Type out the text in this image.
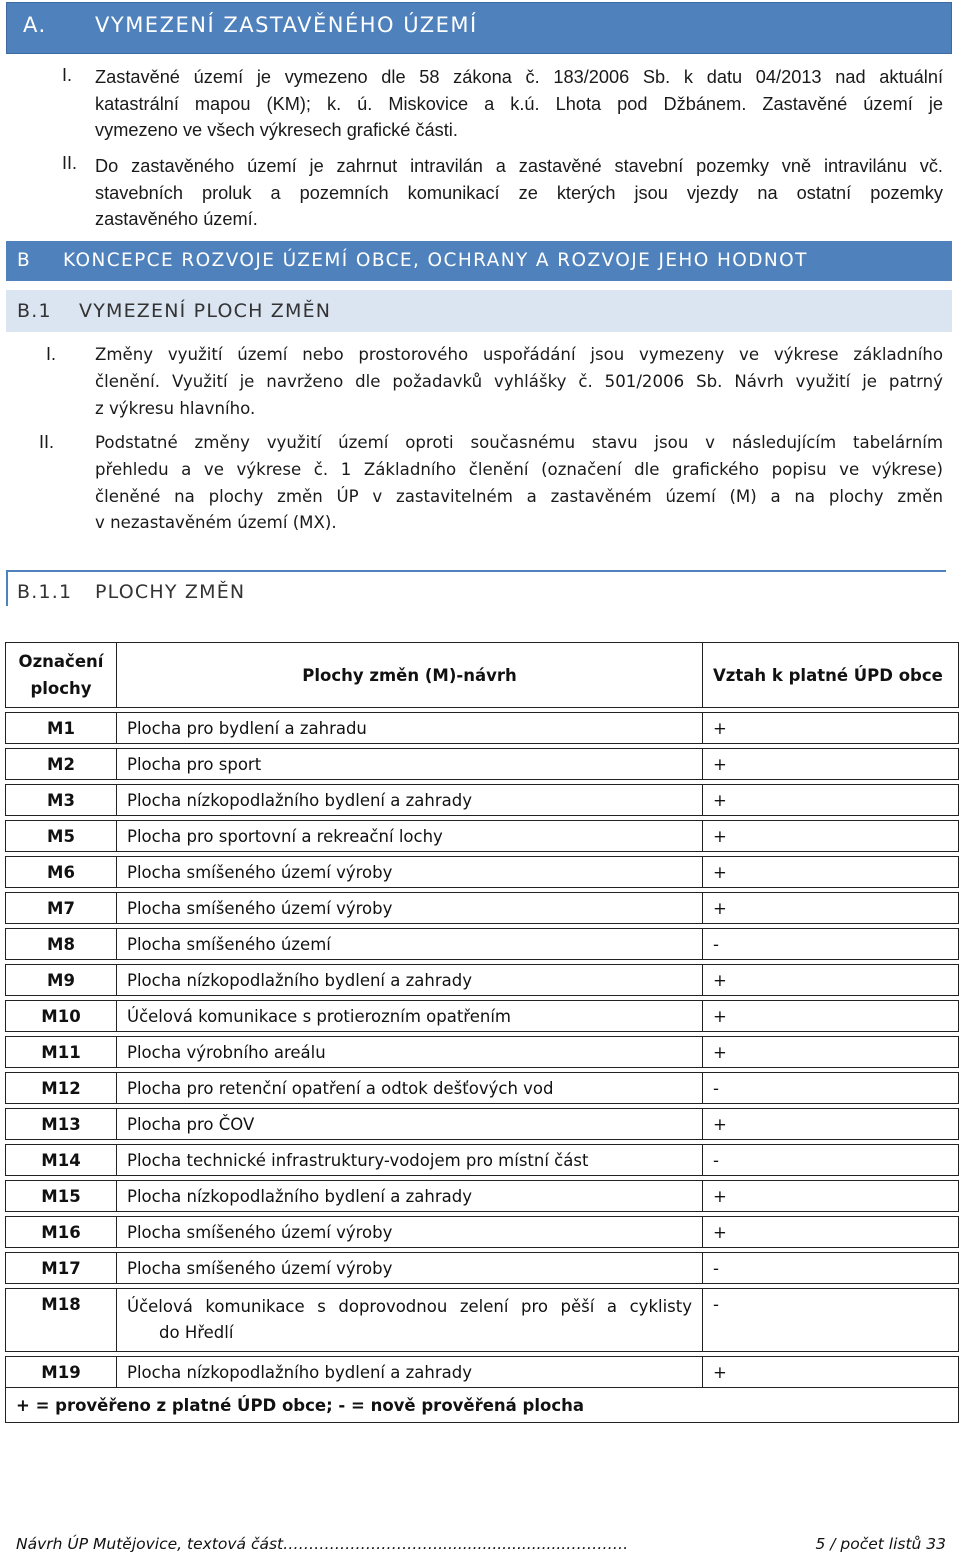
A. VYMEZENÍ ZASTAVĚNÉHO ÚZEMÍ
I. Zastavěné území je vymezeno dle 58 zákona č. 183/2006 Sb. k datu 04/2013 nad aktuální
katastrální mapou (KM); k. ú. Miskovice a k.ú. Lhota pod Džbánem. Zastavěné území je
vymezeno ve všech výkresech grafické části.
II. Do zastavěného území je zahrnut intravilán a zastavěné stavební pozemky vně intravilánu vč.
stavebních proluk a pozemních komunikací ze kterých jsou vjezdy na ostatní pozemky
zastavěného území.
B KONCEPCE ROZVOJE ÚZEMÍ OBCE, OCHRANY A ROZVOJE JEHO HODNOT
B.1 VYMEZENÍ PLOCH ZMĚN
I. Změny využití území nebo prostorového uspořádání jsou vymezeny ve výkrese základního
členění. Využití je navrženo dle požadavků vyhlášky č. 501/2006 Sb. Návrh využití je patrný
z výkresu hlavního.
II. Podstatné změny využití území oproti současnému stavu jsou v následujícím tabelárním
přehledu a ve výkrese č. 1 Základního členění (označení dle grafického popisu ve výkrese)
členěné na plochy změn ÚP v zastavitelném a zastavěném území (M) a na plochy změn
v nezastavěném území (MX).
B.1.1 PLOCHY ZMĚN
Označení plochy	Plochy změn (M)-návrh	Vztah k platné ÚPD obce

M1	Plocha pro bydlení a zahradu	+

M2	Plocha pro sport	+

M3	Plocha nízkopodlažního bydlení a zahrady	+

M5	Plocha pro sportovní a rekreační lochy	+

M6	Plocha smíšeného území výroby	+

M7	Plocha smíšeného území výroby	+

M8	Plocha smíšeného území	-

M9	Plocha nízkopodlažního bydlení a zahrady	+

M10	Účelová komunikace s protierozním opatřením	+

M11	Plocha výrobního areálu	+

M12	Plocha pro retenční opatření a odtok dešťových vod	-

M13	Plocha pro ČOV	+

M14	Plocha technické infrastruktury-vodojem pro místní část	-

M15	Plocha nízkopodlažního bydlení a zahrady	+

M16	Plocha smíšeného území výroby	+

M17	Plocha smíšeného území výroby	-

M18	Účelová komunikace s doprovodnou zelení pro pěší a cyklisty
do Hředlí	-

M19	Plocha nízkopodlažního bydlení a zahrady	+
+ = prověřeno z platné ÚPD obce; - = nově prověřená plocha		
Návrh ÚP Mutějovice, textová část…………………………..........................…………	5 / počet listů 33
